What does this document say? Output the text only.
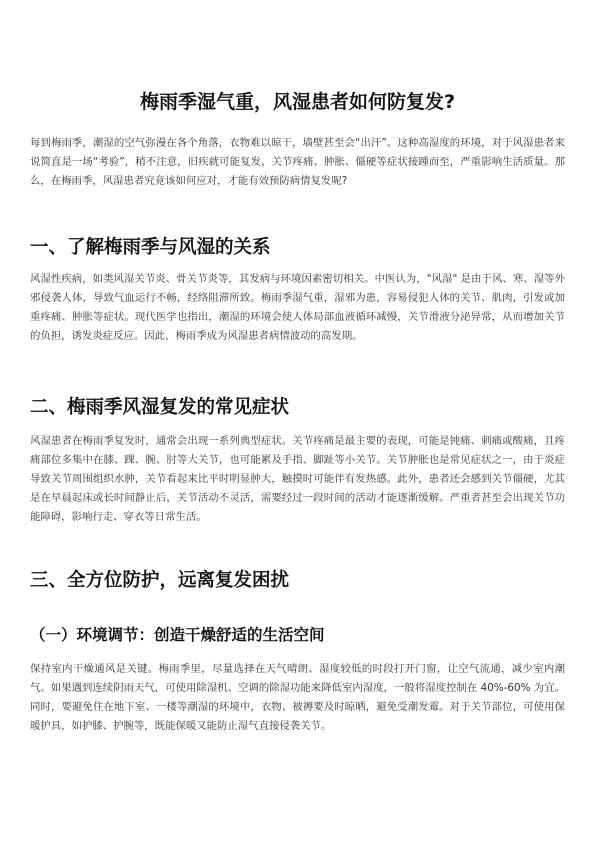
梅雨季湿气重，风湿患者如何防复发?

每到梅雨季，潮湿的空气弥漫在各个角落，衣物难以晾干，墙壁甚至会“出汗”。这种高湿度的环境，对于风湿患者来说简直是一场“考验”，稍不注意，旧疾就可能复发，关节疼痛、肿胀、僵硬等症状接踵而至，严重影响生活质量。那么，在梅雨季，风湿患者究竟该如何应对，才能有效预防病情复发呢?

一、了解梅雨季与风湿的关系

风湿性疾病，如类风湿关节炎、骨关节炎等，其发病与环境因素密切相关。中医认为，"风湿" 是由于风、寒、湿等外邪侵袭人体，导致气血运行不畅，经络阻滞所致。梅雨季湿气重，湿邪为患，容易侵犯人体的关节、肌肉，引发或加重疼痛、肿胀等症状。现代医学也指出，潮湿的环境会使人体局部血液循环减慢，关节滑液分泌异常，从而增加关节的负担，诱发炎症反应。因此，梅雨季成为风湿患者病情波动的高发期。

二、梅雨季风湿复发的常见症状

风湿患者在梅雨季复发时，通常会出现一系列典型症状。关节疼痛是最主要的表现，可能是钝痛、刺痛或酸痛，且疼痛部位多集中在膝、踝、腕、肘等大关节，也可能累及手指、脚趾等小关节。关节肿胀也是常见症状之一，由于炎症导致关节周围组织水肿，关节看起来比平时明显肿大，触摸时可能伴有发热感。此外，患者还会感到关节僵硬，尤其是在早晨起床或长时间静止后，关节活动不灵活，需要经过一段时间的活动才能逐渐缓解。严重者甚至会出现关节功能障碍，影响行走、穿衣等日常生活。

三、全方位防护，远离复发困扰
（一）环境调节：创造干燥舒适的生活空间

保持室内干燥通风是关键。梅雨季里，尽量选择在天气晴朗、湿度较低的时段打开门窗，让空气流通，减少室内潮气。如果遇到连续阴雨天气，可使用除湿机、空调的除湿功能来降低室内湿度，一般将湿度控制在 40%-60% 为宜。同时，要避免住在地下室、一楼等潮湿的环境中，衣物、被褥要及时晾晒，避免受潮发霉。对于关节部位，可使用保暖护具，如护膝、护腕等，既能保暖又能防止湿气直接侵袭关节。
